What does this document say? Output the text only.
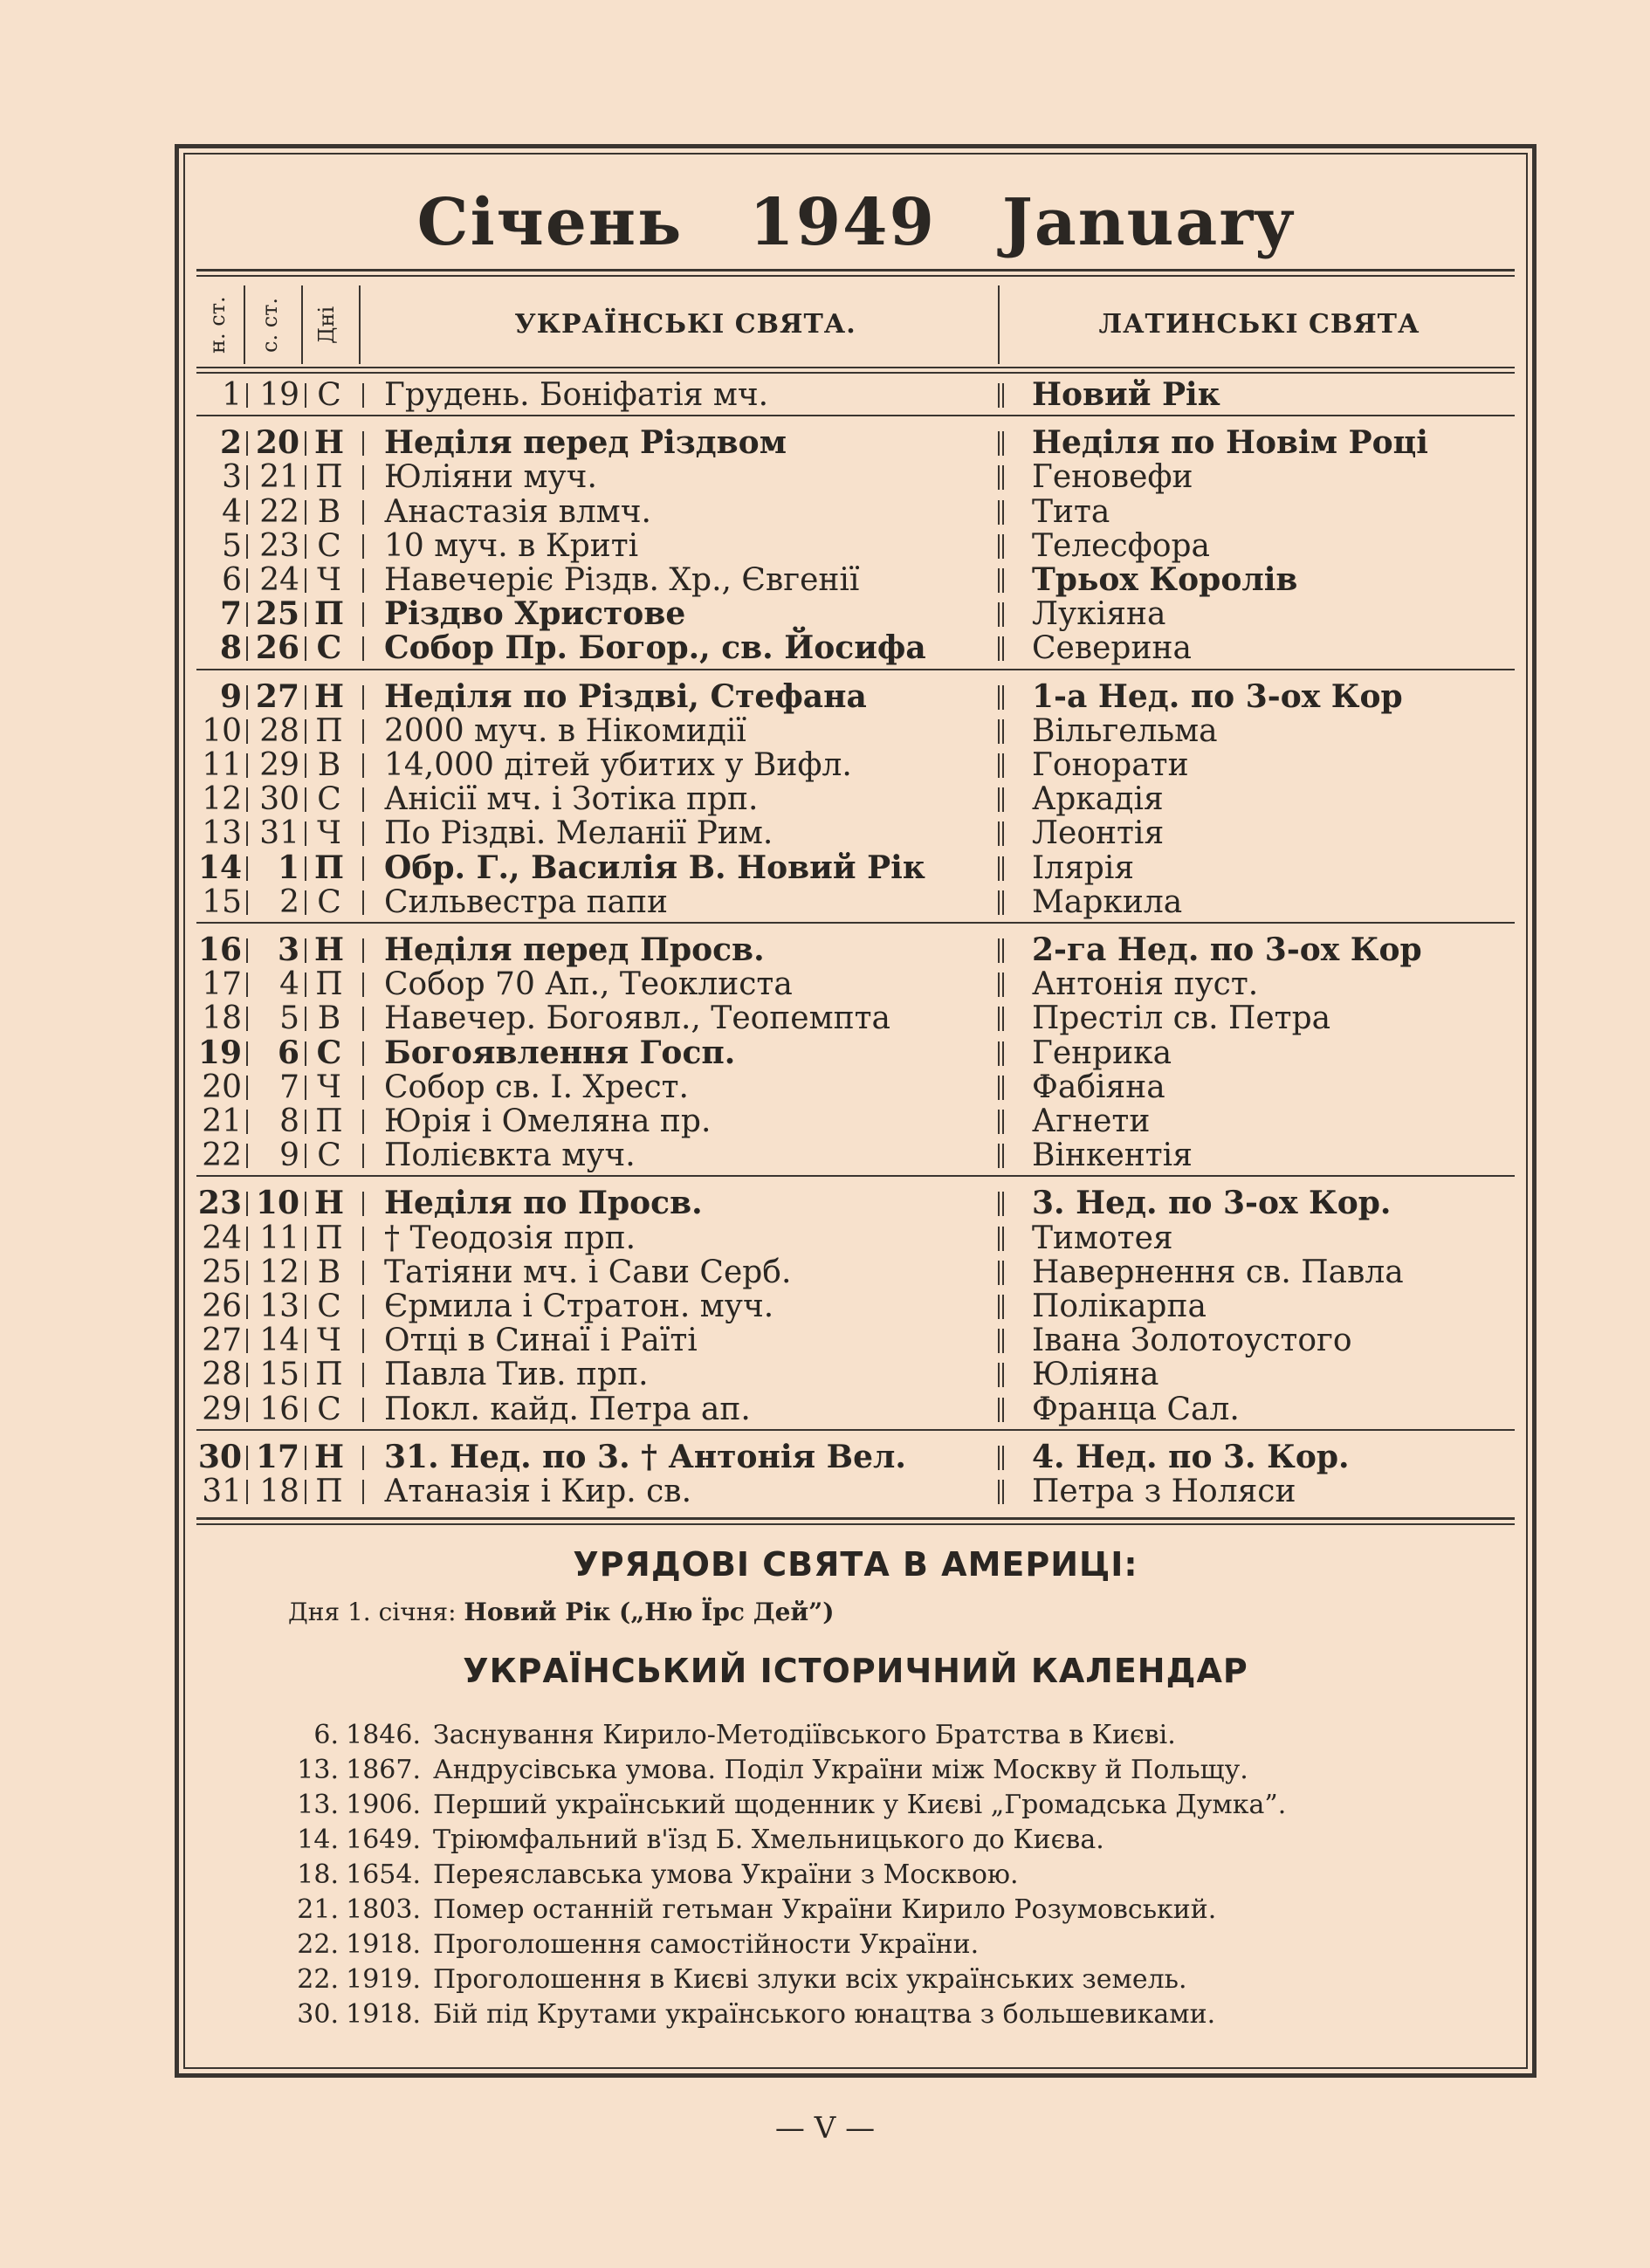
Січень 1949 January
н. ст. с. ст. Дні	УКРАЇНСЬКІ СВЯТА.	ЛАТИНСЬКІ СВЯТА
1 19 С Грудень. Боніфатія мч.	Новий Рік
2 20 Н Неділя перед Різдвом	Неділя по Новім Році
3 21 П Юліяни муч.	Геновефи
4 22 В Анастазія влмч.	Тита
5 23 С 10 муч. в Криті	Телесфора
6 24 Ч Навечеріє Різдв. Хр., Євгенії	Трьох Королів
7 25 П Різдво Христове	Лукіяна
8 26 С Собор Пр. Богор., св. Йосифа	Северина
9 27 Н Неділя по Різдві, Стефана	1-а Нед. по 3-ох Кор
10 28 П 2000 муч. в Нікомидії	Вільгельма
11 29 В 14,000 дітей убитих у Вифл.	Гонорати
12 30 С Анісії мч. і Зотіка прп.	Аркадія
13 31 Ч По Різдві. Меланії Рим.	Леонтія
14	1 П Обр. Г., Василія В. Новий Рік	Ілярія
15	2 С Сильвестра папи	Маркила
16	3 Н Неділя перед Просв.	2-га Нед. по 3-ох Кор
17	4 П Собор 70 Ап., Теоклиста	Антонія пуст.
18	5 В Навечер. Богоявл., Теопемпта	Престіл св. Петра
19	6 С Богоявлення Госп.	Генрика
20	7 Ч Собор св. І. Хрест.	Фабіяна
21	8 П Юрія і Омеляна пр.	Агнети
22	9 С Полієвкта муч.	Вінкентія
23 10 Н Неділя по Просв.	3. Нед. по 3-ох Кор.
24 11 П † Теодозія прп.	Тимотея
25 12 В Татіяни мч. і Сави Серб.	Навернення св. Павла
26 13 С Єрмила і Стратон. муч.	Полікарпа
27 14 Ч Отці в Синаї і Раїті	Івана Золотоустого
28 15 П Павла Тив. прп.	Юліяна
29 16 С Покл. кайд. Петра ап.	Франца Сал.
30 17 Н 31. Нед. по 3. † Антонія Вел.	4. Нед. по 3. Кор.
31 18 П Атаназія і Кир. св.	Петра з Ноляси
УРЯДОВІ СВЯТА В АМЕРИЦІ:
Дня 1. січня: Новий Рік („Ню Їрс Дей”)
УКРАЇНСЬКИЙ ІСТОРИЧНИЙ КАЛЕНДАР
6. 1846. Заснування Кирило-Методіївського Братства в Києві.
13. 1867. Андрусівська умова. Поділ України між Москву й Польщу.
13. 1906. Перший український щоденник у Києві „Громадська Думка”.
14. 1649. Тріюмфальний в'їзд Б. Хмельницького до Києва.
18. 1654. Переяславська умова України з Москвою.
21. 1803. Помер останній гетьман України Кирило Розумовський.
22. 1918. Проголошення самостійности України.
22. 1919. Проголошення в Києві злуки всіх українських земель.
30. 1918. Бій під Крутами українського юнацтва з большевиками.
— V —
